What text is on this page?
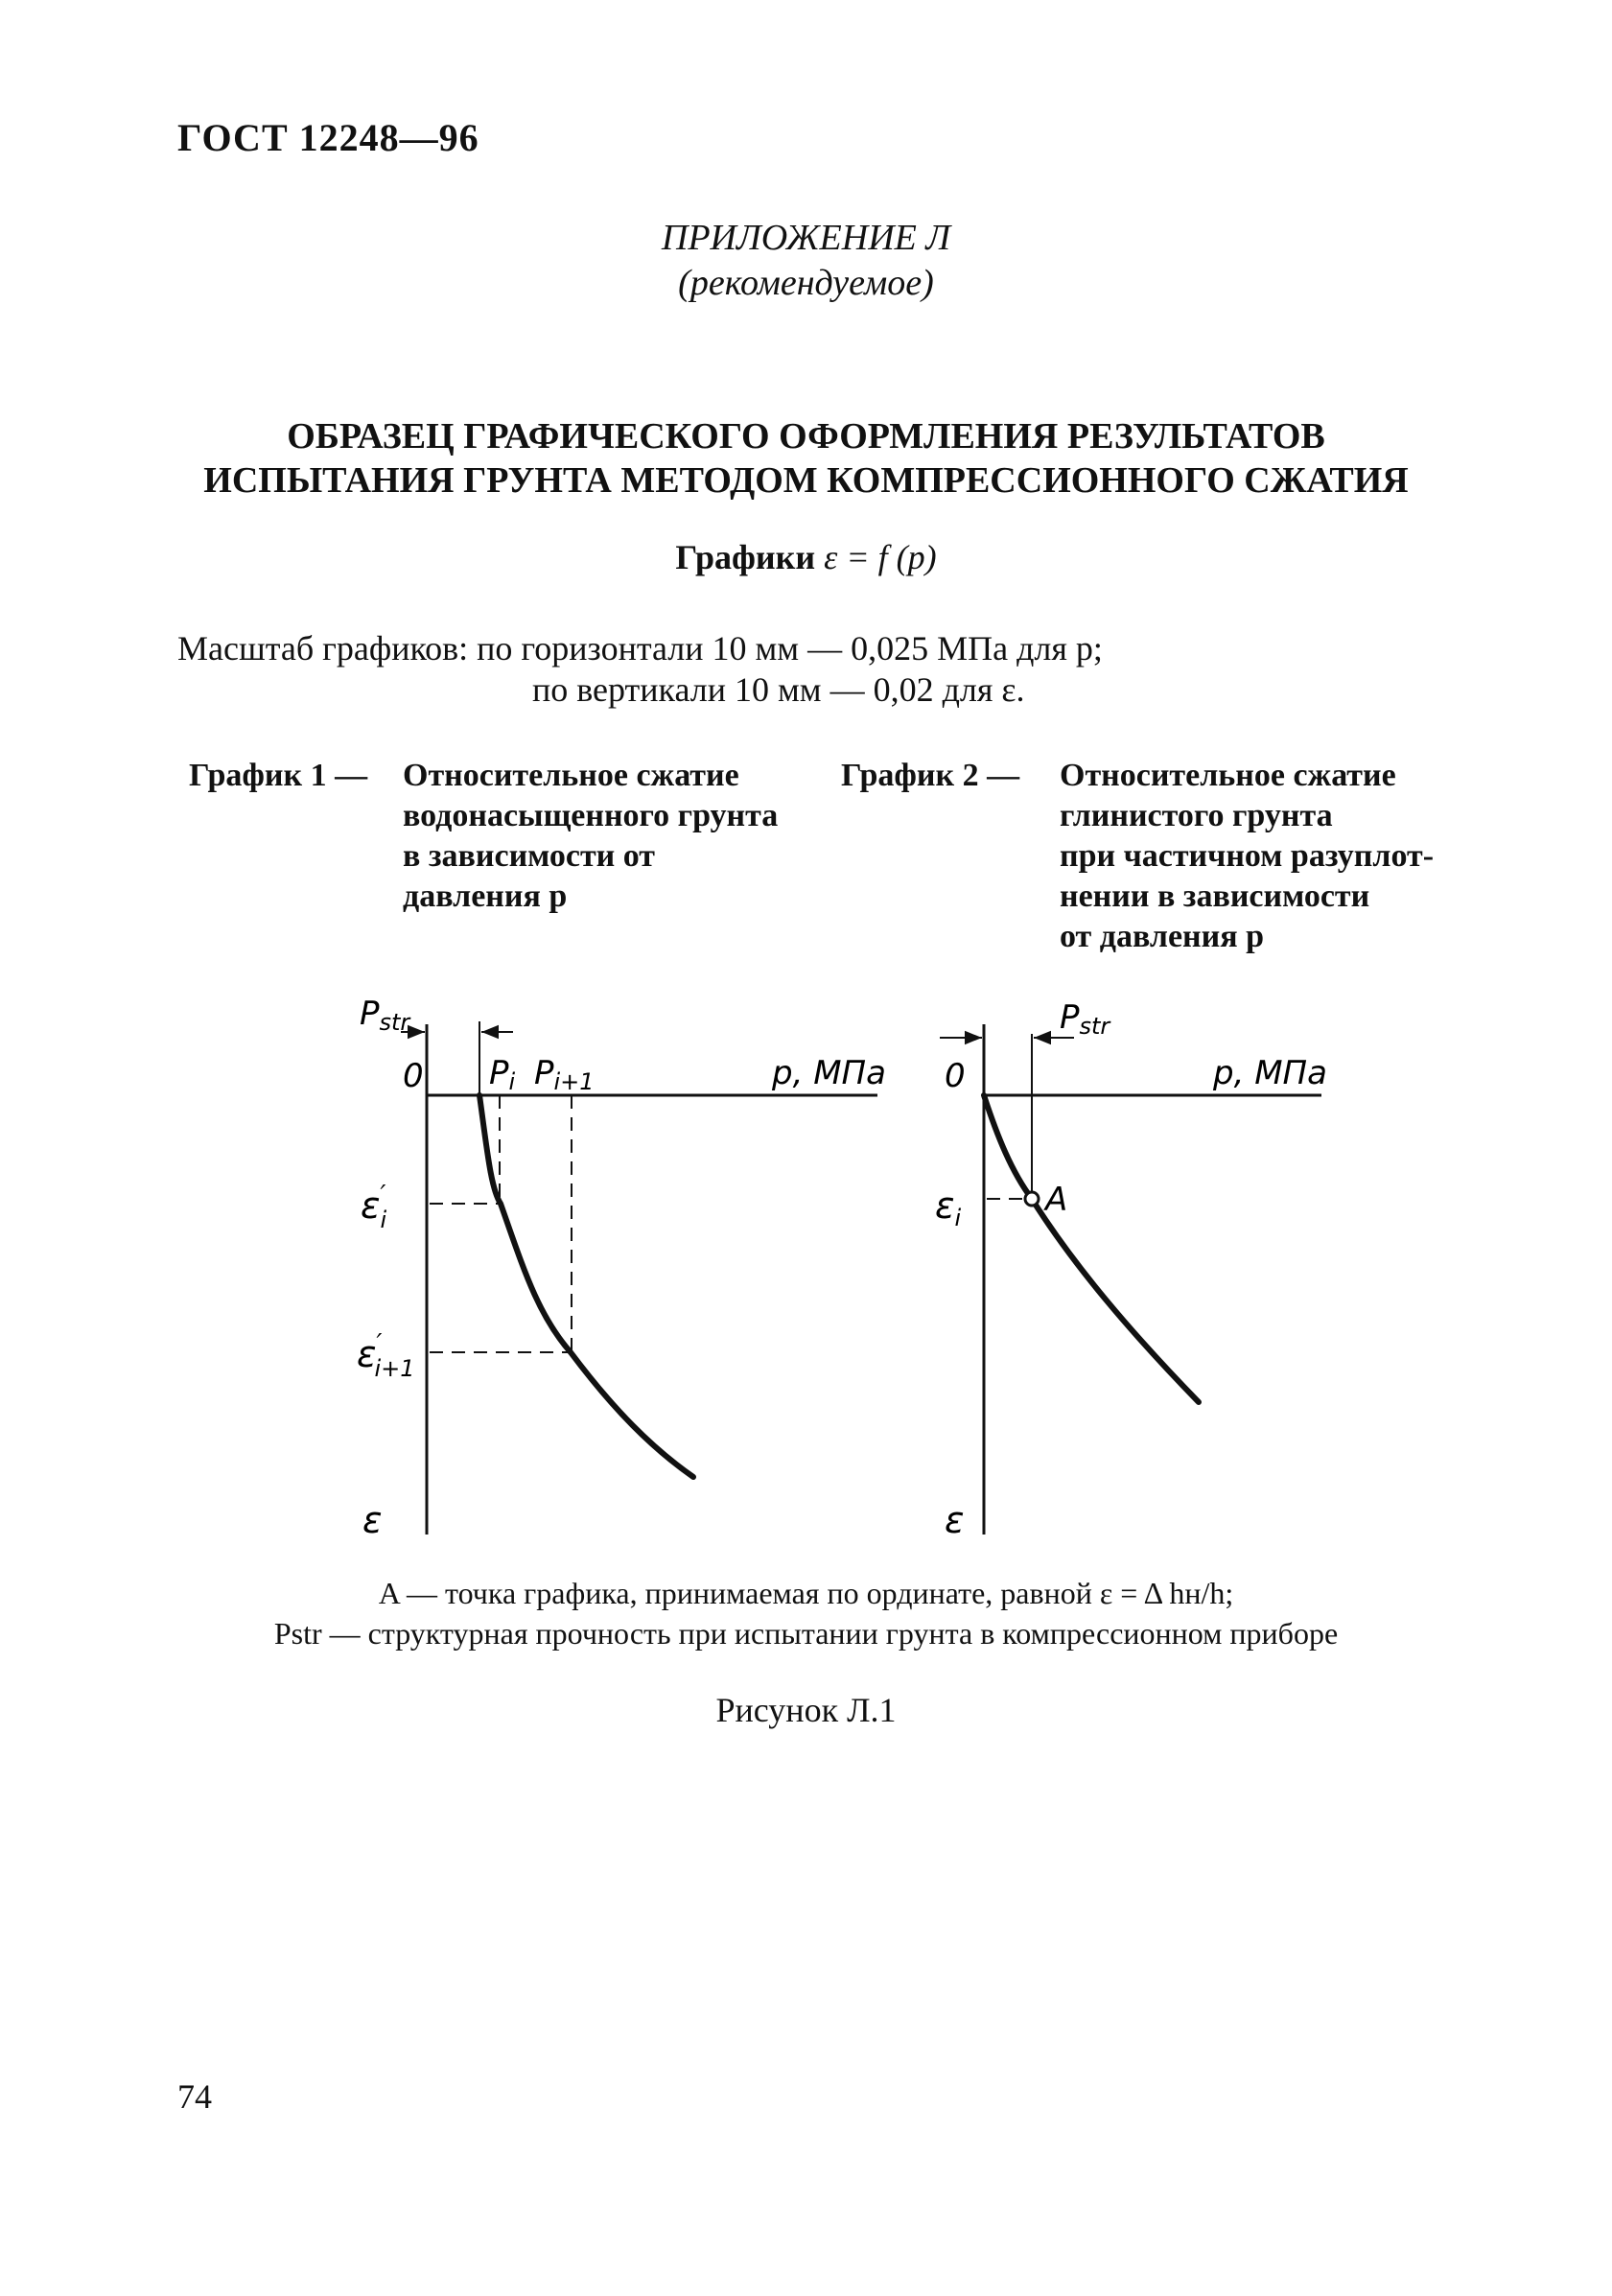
ГОСТ 12248—96
ПРИЛОЖЕНИЕ Л
(рекомендуемое)
ОБРАЗЕЦ ГРАФИЧЕСКОГО ОФОРМЛЕНИЯ РЕЗУЛЬТАТОВ
ИСПЫТАНИЯ ГРУНТА МЕТОДОМ КОМПРЕССИОННОГО СЖАТИЯ
Графики ε = f (p)
Масштаб графиков: по горизонтали 10 мм — 0,025 МПа для p;
по вертикали 10 мм — 0,02 для ε.
График 1 — Относительное сжатие
водонасыщенного грунта
в зависимости от
давления p
График 2 — Относительное сжатие
глинистого грунта
при частичном разуплот-
нении в зависимости
от давления p
Pstr
0 Pi Pi+1	p, МПа
ε′ i
ε′ i+1
ε
Pstr
0	p, МПа
$\varepsilon_i$	A
ε
A — точка графика, принимаемая по ординате, равной ε = Δ hн/h;
Pstr — структурная прочность при испытании грунта в компрессионном приборе
Рисунок Л.1
74
